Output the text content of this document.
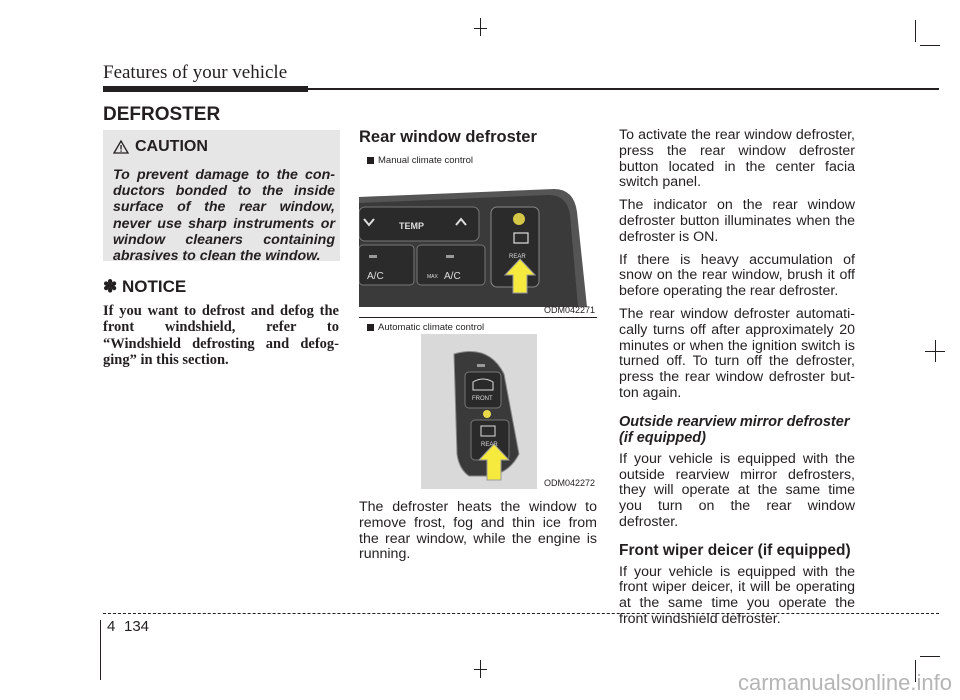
Features of your vehicle
DEFROSTER
CAUTION
To prevent damage to the con- ductors bonded to the inside surface of the rear window, never use sharp instruments or window cleaners containing abrasives to clean the window.
✽ NOTICE
If you want to defrost and defog the front windshield, refer to “Windshield defrosting and defog- ging” in this section.
Rear window defroster
Manual climate control
TEMP
A/C	MAX A/C
REAR
ODM042271
Automatic climate control
FRONT
REAR
ODM042272
The defroster heats the window to remove frost, fog and thin ice from the rear window, while the engine is running.

To activate the rear window defroster, press the rear window defroster button located in the center facia switch panel.

The indicator on the rear window defroster button illuminates when the defroster is ON.

If there is heavy accumulation of snow on the rear window, brush it off before operating the rear defroster.

The rear window defroster automati- cally turns off after approximately 20 minutes or when the ignition switch is turned off. To turn off the defroster, press the rear window defroster but- ton again.

Outside rearview mirror defroster (if equipped)

If your vehicle is equipped with the outside rearview mirror defrosters, they will operate at the same time you turn on the rear window defroster.

Front wiper deicer (if equipped)

If your vehicle is equipped with the front wiper deicer, it will be operating at the same time you operate the front windshield defroster.

4 134
carmanualsonline.info
